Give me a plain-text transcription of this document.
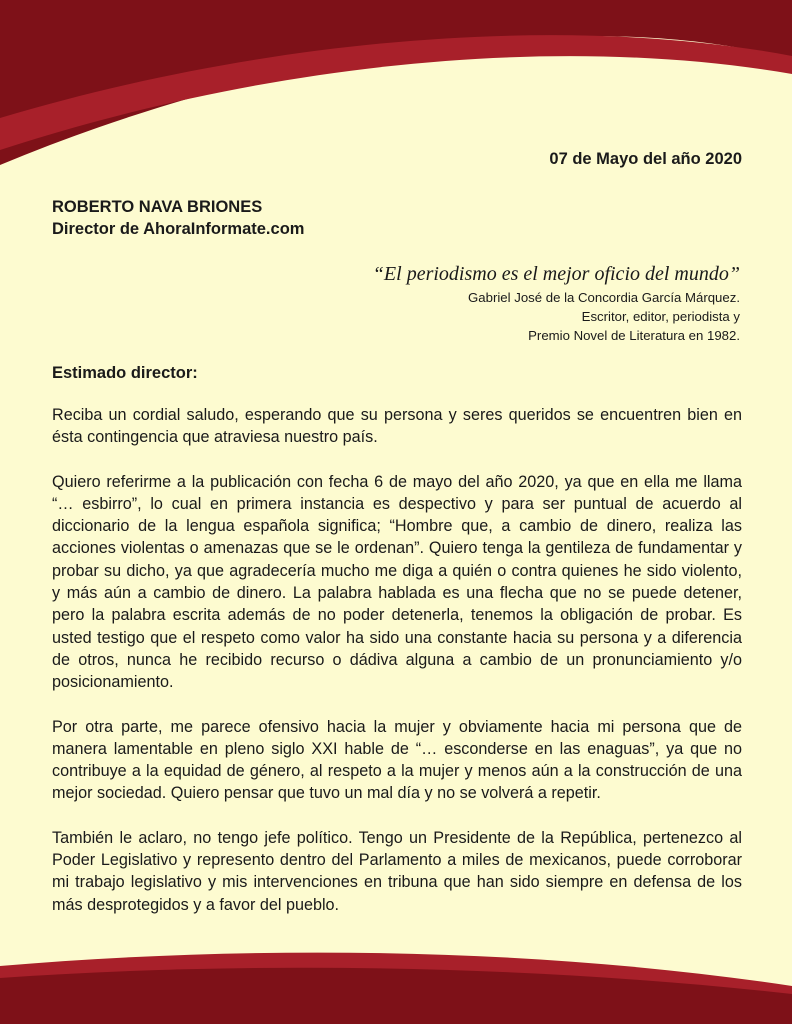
07 de Mayo del año 2020
ROBERTO NAVA BRIONES
Director de AhoraInformate.com
“El periodismo es el mejor oficio del mundo”
Gabriel José de la Concordia García Márquez.
Escritor, editor, periodista y
Premio Novel de Literatura en 1982.
Estimado director:

Reciba un cordial saludo, esperando que su persona y seres queridos se encuentren bien en ésta contingencia que atraviesa nuestro país.

Quiero referirme a la publicación con fecha 6 de mayo del año 2020, ya que en ella me llama “… esbirro”, lo cual en primera instancia es despectivo y para ser puntual de acuerdo al diccionario de la lengua española significa; “Hombre que, a cambio de dinero, realiza las acciones violentas o amenazas que se le ordenan”. Quiero tenga la gentileza de fundamentar y probar su dicho, ya que agradecería mucho me diga a quién o contra quienes he sido violento, y más aún a cambio de dinero. La palabra hablada es una flecha que no se puede detener, pero la palabra escrita además de no poder detenerla, tenemos la obligación de probar. Es usted testigo que el respeto como valor ha sido una constante hacia su persona y a diferencia de otros, nunca he recibido recurso o dádiva alguna a cambio de un pronunciamiento y/o posicionamiento.

Por otra parte, me parece ofensivo hacia la mujer y obviamente hacia mi persona que de manera lamentable en pleno siglo XXI hable de “… esconderse en las enaguas”, ya que no contribuye a la equidad de género, al respeto a la mujer y menos aún a la construcción de una mejor sociedad. Quiero pensar que tuvo un mal día y no se volverá a repetir.

También le aclaro, no tengo jefe político. Tengo un Presidente de la República, pertenezco al Poder Legislativo y represento dentro del Parlamento a miles de mexicanos, puede corroborar mi trabajo legislativo y mis intervenciones en tribuna que han sido siempre en defensa de los más desprotegidos y a favor del pueblo.
